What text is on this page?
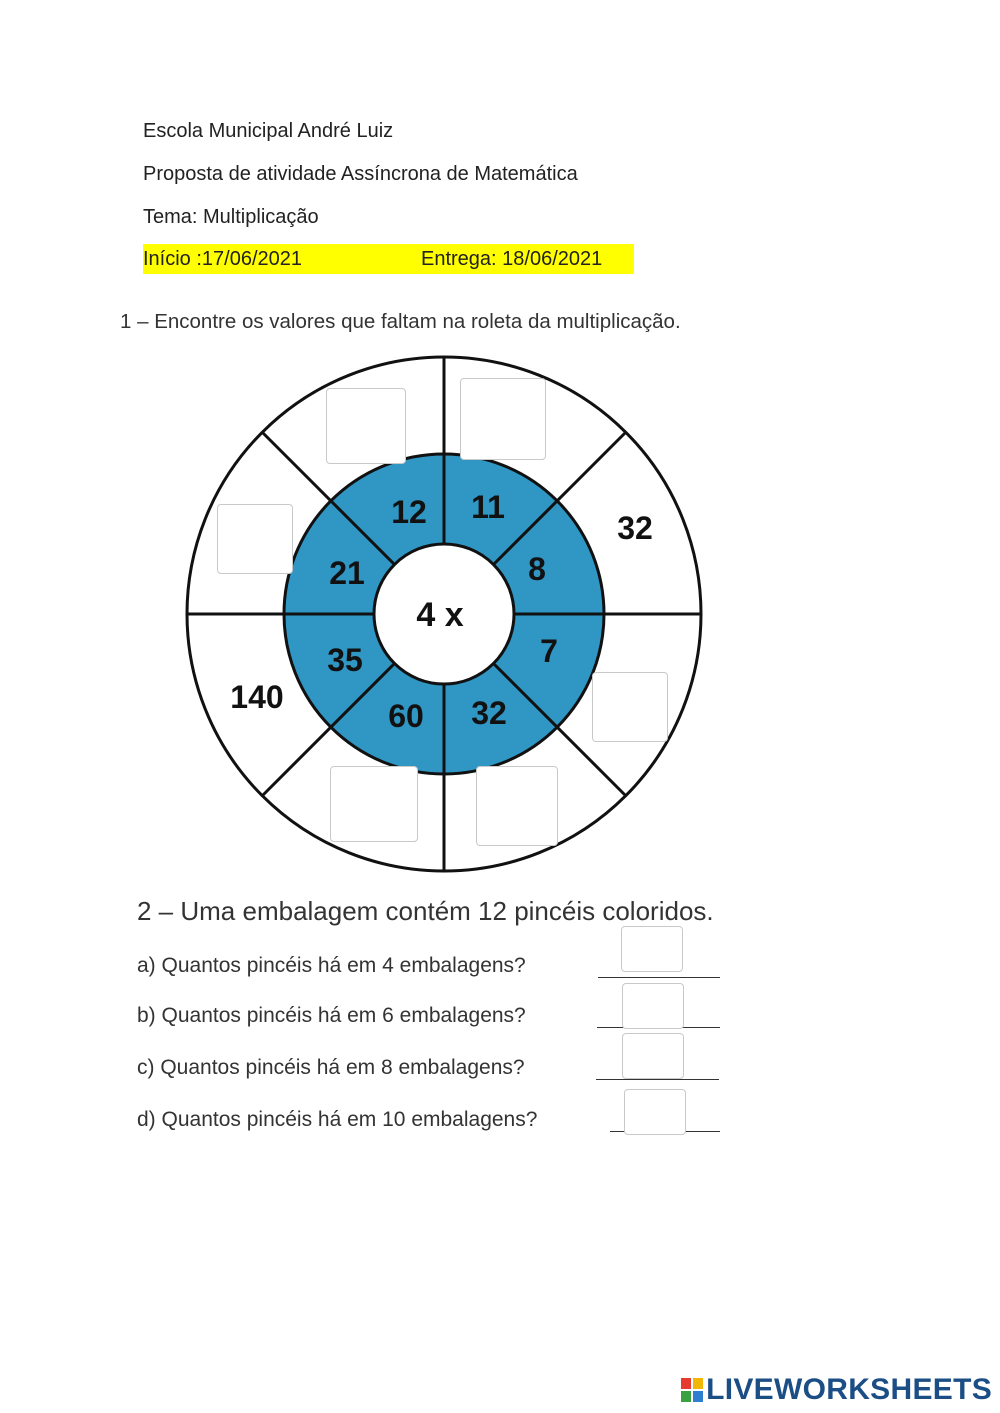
Escola Municipal André Luiz
Proposta de atividade Assíncrona de Matemática
Tema: Multiplicação
Início :17/06/2021	Entrega: 18/06/2021
1 – Encontre os valores que faltam na roleta da multiplicação.
4 x
11
8
7
32
60
35
21
12	32
140
2 – Uma embalagem contém 12 pincéis coloridos.
a) Quantos pincéis há em 4 embalagens?
b) Quantos pincéis há em 6 embalagens?
c) Quantos pincéis há em 8 embalagens?
d) Quantos pincéis há em 10 embalagens?
LIVEWORKSHEETS
